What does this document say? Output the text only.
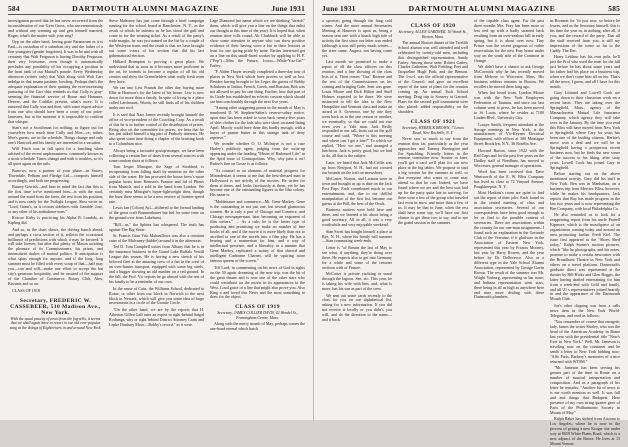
584	DARTMOUTH ALUMNI MAGAZINE	June 1931

investigation proved that he has never recovered from the inconsideration of our Gym Gross, who unceremoniously and without any warning up and gets himself married, Roger, what's the matter with your ring?

Gyp on the other hand, having gone Paramount as it is Paul—is custodian of a suburban city and the father of a fine youngster (gender forgotten). It was to be and with all certainty that Walt Ferguson is having Dorothy Ferguson, then very lovesome, even though it automatically precludes any possibility of his occupying a position in the front rank of our Mutual's parade. Every Wednesday afternoon (winter only) that Walt along with Walt Carr indulge in that insane pastime, bowling. Perhaps that's the adequate explanation of their quitting the ever-increasing pasturing of the Carr chin reminds us that Cully is gray-seeming the financial service of Byrne and Hammer, Denver, and the Cadillac present, what's more. It is rumored that Cully was and then, with some expert advice from one who should have been a crony of our prize-laureates, but at the moment it is impossible to confirm that whisper.

Stan's not a Scotchman for nothing, so figure out for yourselves how much time Cully and Moe—or, rather, Moe's guests, are in the schedule. Things change and only one's Hancock and his family are interested in a vacation.

Will Finch was in full spirit for a lunching when advised of the recent unpleasantness, commonly known as a stock schedule. Times change and with it troubles, so it's all quiet again on the rails.

Burrows, now a partner of your phase—in Stacey, Thivisdale, Pelham and Fliedge Ltd.—comports himself accordingly, and both are progressing.

Burney Gerrish—and bear in mind the fact that this is the first time we've mentioned him—is with the road, around the maid from the farm, the rest from his position, and is now ready for the Twilight League. Shea wrote in: "Lord, Grant's, as it crosses sidelines with Gamble, Jose, or any other of his ambulance-men."

Roscoe Kirby is practicing his Alpha Pi Lambda, as Kipling did.

And so, as the chart shows, the driving bunch ahead, and perhaps a cross section of it, reflects the occasional brilliance of predictions with which it may be favored. It will take forever, but after that plenty of Mason awaiting the pleasure of its Commissioners, his prizes, and intermittent dashes of mutual politics. If anticipation is what spurs enough for anyone, and if the long, long summer must be filled with every scrap of that—half may you—can and will—make one effort to accept the bat city's generous hospitality, and be assured of the support of the Chamber of Commerce. Rotary Club, Alex, Kiwanis and so on.

CLASS OF 1918

Secretary, FREDERIC W. CASSEBEER, 510 Madison Ave., New York.
With the usual paucity of news from the fog-tells, it seems that we shall again have to resort to our old ever-popular song at the doings of Eighteeners in and around New York.

Steve Mahoney has just come through a brief campaign running for the school board at Ranchester, N. Y., as the result of which he informs us he has stood the gaff and come in for the winning ticket. As a result of the party's wide margin, he was just named on the list by a couple of the Wesleyan team, and the result is that we have brought out some voters of his section that did his last gubernatorial election.

Hilliard Brampton is proving a great place. We understand that as soon as it becomes more proficient in the art, he intends to become a regular of all his old cronies and show the Greenfielders what really fresh team they have.

We ran into Lew Pounds the other day buying more Elbe at Harrison's for the latest of his house. Lew is now down for more than a family. In spite of living in a place called Larchmont, Woods, he still finds all of his children under one roof.

It is said that Nate James recently brought himself the office of vice-president of the Coaching Corp. As a result of this he is in further control of the distribution of prizes. Being also on the committee for prizes, we hear that he has just talked himself a big part of Peabody interests. He also spent some time doing a chapter of the bruising book to a Columbian nice.

Always being a favourite gossip-monger, we have been collecting a certain line of dates from several sources with some random shots at follows:

Tom Jesper Minogue, the Sage of Stoddard, is recuperating from falling shaft by mention on the other side of the water. He has procured the house brew's more popular boats from Remsen's Panaire and lid of Plinus from Munich, and a sold in the band from London. We certainly miss Minogue's hyper-lightweight then, though the buzz there seems to be a new reserve of frontier-speed rate.

Lewis Ian (Colton) Ayl—slithered to the formal landing of the great craft Brunnenhauer but hid for some time on the ground over from Lakehurst.

"Bill—us," the Sphinx has whispered. The truth has against The Big Sister.

St. Francis Gian Vito Mahasillows was also a constant cater of the Mulvaney (kiddie) around it in the afternoon.

Ted D. Tom Campbell writes from Albany that he is in the insurance business in the Grand Lake Buffalo Vestill League this season. He is having a new stretch of his beloved fleet at the amazing crew of a fan in the crest of an over-hunter transport, equipped with some big steels, and a bugger showing an old number on a red ground. In the fall, the Prof. Vic reports he go abroad with the rest of his family to be a reminder of our own.

In the sense of Coin, the Williams School, dedicated to Rome, or other from our block in Norwich to the next block in Newark, which will give you some idea of large investments in a circle of the Granite Circle.

"On the other hand, we are by the reports that H. Atherton Gillen Gall rates an expert in right-behind Saigal Rodtangs, why or right behind District Attorney Crain and Lepke Danbury Moor—Bobby's record," as it were.

Lage Diamond (no name which we are thinking "stretch" them, which will give you a line on the things that enlist our thought at this time of the year). It is hoped that, when reunion time rolls round, Ab Chubbuck will be able to show some attention to anyone who can show positive evidence of their having worn a hat in their lectures at least for one spring pride by none. Parties interested get on a line on this small-fisted worker by applying to H. F. ("Pep")—Miss the Future, 1oooo—While-You-Get"" Farley.

"F. Alden Thayer recently completed a three-day tour of places in New York which have proven so well as lost. Besides having brought to his Leges the guests of Bobby Schuberts in Italian, French, Greek, and Russian, Bob was not allowed to pay for one thing. Further, how that part of its Grade has established an eclectic custom which should see him comfortably through the next five years.

"Among other staggering points in the month of May is numbered D. W. Stephen-Salter's reverse-salary notice, upon date has been asked to wear back twenty-five years of shirt clothes for the lads who were short on stand-lining April. Moody could have done this hardly enough, with a bayer of peanut butter in this strange tank of deny reprieve."

We wonder whether O. O. McIntyre is not a case Harley's publicity agent, judging from the write-up appearing under the heading "Mister of Barbeued Life" in the April issue of Cosmopolitan. Why, why pass it on? Rufort's fine on Gosse is as follows:

"As counsel to an alumnus of material progress for Mirandesitan it seems to me that the best-dressed man in Hollywood is not strictly of the movies. He writes for them at times, and looks facetiously at them, yet he has become one of the outstanding figures in the film colony. His name is:

"Moldenaure and commerce—Mr. Gene Markey. Gene is the outstanding in not just one, but several glamorous women. He is only a part of Chicago and Comerce, and Chicago newspaperman, later becoming an exponent of film writers." … As a rule, he is the better type of producing and promising we make no number of fine books of all, and if the movie it is more likely than not to ascribed to one of the novels into a film play. He has a bearing and a mannerism for him, and a way of intellectual presence, and a liberality in a manner that Gene Markey, replicated a notary of that shrewd and intelligent Carbonne Charnet, will be squiring more famous queens of the screen."

Tiff Lord, in commenting on his news of Gad in rights on the 50 again, dreaming of the new trip, was the hit of the great dinner and is now one of the other stars who could contribute on the movie in its appearances to the West. Loud grace of a line that might also prove you. Also King a and loved this News and the most something to draw for the object.

CLASS OF 1919
Secretary, JAMES COLLIER DAVIS, 42 Wendel St., Framingham Centre, Mass.

Along with the merry month of May, perhaps comes the one-bond eternal which hatch

June 1931	DARTMOUTH ALUMNI MAGAZINE	585

a sportset; going through the long cold winter. And the more annual Secretaries Meeting at Hanover is upon us, being a season sent one with a knack high tide of activity the first since our letter was ended (although it was still pretty much winter—the sixer same, August, not having come yet.

Last month we promised to make a report of all the class officers on this reunion, and a fine showing of the class lists of it. Then comes "Gas" Rozene and the rest of the Commissioners on his coming and bringing Gale. Sent was gone. Louis Moore and Dick Hilton and Stuff Holmes expected to be there. We were instructed to tell the idea to the New Hampshire and Vermont class and make an award at S. Governor, one by one they went back as to the one reason or another, we eventually, so that we could not rise even over a Yale man. Jack Reilly responded to our call, from out on the golf course and said, "Where is this meeting and where can I get a bite?" To which we replied, "How we one," and arranged a luncheon. Jack is pretty good, but we had to do, all that is the subject.

Later, we heard that Jack McCrillis was up from Newport, N. H., had not crossed our bounds on the trail on snowshoes.

McCarter, Norton, and Larmon were in town and brought us up to date on the Jack Post Pops. Each contributed much to our entertainment, and, due to our skillful manipulation of the first list, became our guests at the Bill, the best of the Ovals.

Business matters were held here and there, and we learned a bit about being a good secretary. All in all, it was a very worthwhile and very enjoyable weekend.

Stan Swett has bought himself a place at Rye, N. H., where his family will summer—Stan commuting week-ends.

Letter is "of Rossin the last of May to see what, if anything, they're doing over there. He expects also to get into Germany for a while and some of the remoter sections with of Frunze.

McCarter is private yachting as usual through the lagoon. See, etc. This year, he is taking his wife with him, and, what is more, has his son as part of the crew.

We sent out some cards recently to the class for you on our alphabetical list, asking for a new information. If you did not receive it locally or you didn't, you will, and do the direction to the name—and it back.

CLASS OF 1920
Secretary, ALLEN GARDNER, 10 Worth St., Boston, Mass.

The annual Boston dinner of the Twelfth School alumni was well attended and well celebrated by twenty-odd men, including that distinguished representation, Sandy Farley. Among those seen: Robert Carley, Charles Catherine, Walt Fielding, Peet and Jacqueline Hugh Park, and the Benson. The 1-to-1 was the official representative of the Council, and gave an excellent report of the state of plans for the reunion coming up. An annual Tuck School meeting. Drug trip to Scenery at Garrard. Plans for the second golf tournament were also placed: added responsibility on the shoulders

CLASS OF 1921
Secretary, HERRICK BROWN, 7 Lenox Road, New Rochelle, N. Y.

Never saw so much to say from the reunion thus far, particularly as the year approaches and Tommy Barrington and Joe Spaulding. Friendly letters to the reunion committee now. Sooner or later, you'll get a card we'll plan for our new place at the big tables. We propose to start a big session for the summer as well, so that everyone who wants to come may attend so that he can. Indeed, we have found where we are and the best was laid up for the party quite late in arriving, for there were a few of the group who traveled fast even in snow and more than a few of us. It may be that in June, when the rest shall have some say, we'll have our first chance to get these two to say, and to see the grand session in the summer.

of the capable class agent. For the past three months Mrs. Fray has been more or less tied up with a badly strained back resulting from an over-zealous fall in early spring, but it is about over now. Tiny Prince was the recent gorgeous of rather reservations for the new Fray home under way on the south side of the Common in Orange.

We didn't have a chance to ask George McCormick why he has recently moved from Melrose to Worcester, Mass. His business address remains in Boston. We recollect he moved there long ago.

When last heard from, Lyndon Moore was with the New York Employees Federation of Taunton, and since our last column went to press, he has been moved to St. Louis, where he resides at 7100 Linden Blvd., University City.

Loutye Smith, frequent attendant at the Savage meetings in New York, is the manufacturer of Vic-Keynes Electrical Equipment, with offices at 300 Montague Street Brooklyn, N.Y., 36 Roselin Ave.

Howard Burton, since 1922 with the Red Caps and for the past five years on the Dudley staff of Needham, has moved to Worcester, general manager of operations.

Word has been received that Dave Wentworth of the E. W. Bliss Company has lived as close to 72 Vinyard Avenue, Poughkeepsie, N. Y.

Most Haskins's room are quiet to find out the report of their jobs. Each found us in the central meeting of class and association secretaries. Several of our correspondents have been good enough to let us find to the possible content of secretaries. There are associations within the country for our one-man assignments. I found such an explanation in the Gertrude Club of the Vervaine, if it glad-one in the Association of Eastern New York, represented this year by Francis Mooney, last year by Harry Rowen, and the year before by Dr. Dellevecce. Also at a different type in the Yale School Alumni Association, represented by George Gavin Brown. The result of the summer was Mr. Wright Vorburg, representing us bar none; and Indiana representation went stars, there being in all as high as anywhere here and nine more dealing with these Dartmouth plumbers.

in Bronson for 'fit just now, so before he leaves, and as the Secretary himself, this is his time the year in, in nothing, after all, if you, and the reward of the party. That all the stuff received from you, is still my impressions of the scene so far to the Caddy. The Dec.

Harry Leblanc has his own pole, he'll just the Prof who used the term for the hill just before he has about some years and his father had his place on a business trip, when we don't come him all on his. That's all the news, I guess, and all I have for this month.

Gary Littrand and Lowell Cook are going down to their classroom work on a recent basis. They are taking over the Springfield, Mass., agency of the Massachusetts Mutual Life Insurance Company, which agency they will take over in the January. By the time you read this Bliss will have moved from New York to Springfield, where Cary for years has been one of the leading citizens. Herbie's move won a deal and we will be in Springfield having a prosperous recent business now, but he finds the new scene of the success to his liking, after sixty years. Lowell Cook has joined Cary in Springfield.

Before starting out on the above mentioned activity, Gary did his stuff in New York. Ben was in Manhattan, on a business trip from Mercier. Bliss, however, while he makes his headquarters, Jack reports that Ray has made progress in the last two years and is now representing the Bee Company, with local Philadelphia Co.

He also reminded us to look for a reappearing report from his uncle Parnell Kipmore, which is the mouthpiece of an organization coming today and around an area promoting further Fredi Kiel. The issue first appeared as the "Shoes Shed today," Ralph Stoner's suction pictures, which "like he photographs, and his notes, promise to make a certain newcomer with the Broadhurst Theatre in New York and others on a travel platform. Dartmouth's graduate direct was represented at the theater by Bill Hicks and Glen Boggis, the latter having drafted entertaining for him from a week-end with Gold and family, and all '21 s representatives joined heartily in and the appearance of the Dartmouth Mouth Club.

Joe's other clipping was from a calls news item in the New York World-Telegram, and read as follows:

"You remember of course that energetic lady, James the writer Shirley, who was the head of the American Academy in Rome last year with the presidential title "New's Ever in New York." Well, Mr. Jameson is traveling now on the continent and he sends a letter to New York bidding now: "Alfo Paris, Barbery's memories of a nice returned with WTSM."

"Mr. Jameson has been serving his greater part of the time in Rome on a number of musical interpretation and composition. And as a paragraph of his letter he remarks: "Another bit of news to is me worth mention as well. It was full and and things that Budapest. Here presence of my own string quartet gave of Paris of the Philharmonic Society in Mount of May."

Ralph Baker has shifted from Arizona to Los Angeles, where he is now in the process of getting a new Kroger site under way at 8659 White Plains Road, which is a new adjunct of the Bronx. He lives at 15 Mount Vernon.
